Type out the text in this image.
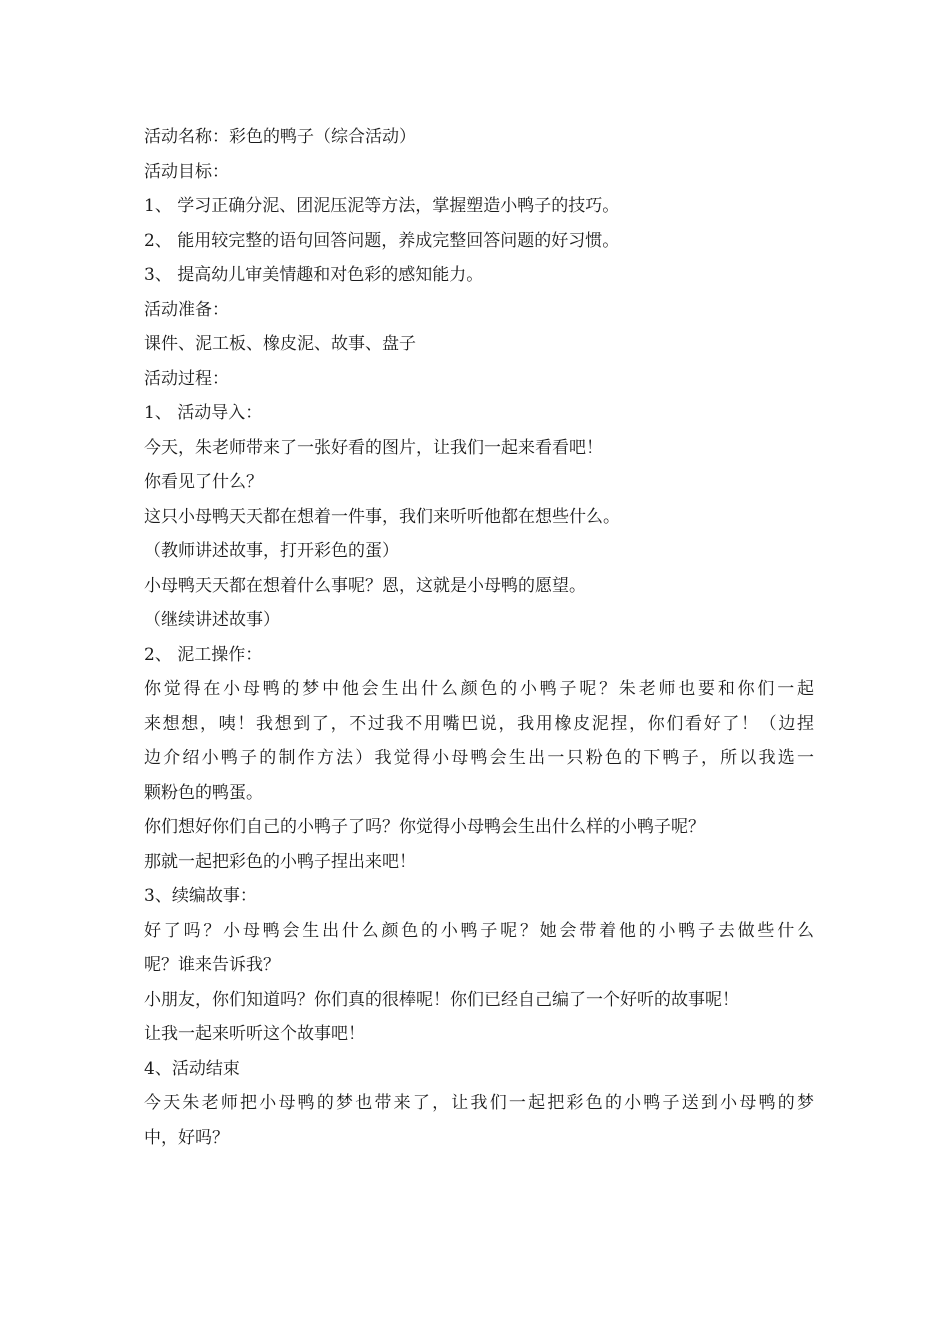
活动名称：彩色的鸭子（综合活动）

活动目标：

1、 学习正确分泥、团泥压泥等方法，掌握塑造小鸭子的技巧。

2、 能用较完整的语句回答问题，养成完整回答问题的好习惯。

3、 提高幼儿审美情趣和对色彩的感知能力。

活动准备：

课件、泥工板、橡皮泥、故事、盘子

活动过程：

1、 活动导入：

今天，朱老师带来了一张好看的图片，让我们一起来看看吧！

你看见了什么？

这只小母鸭天天都在想着一件事，我们来听听他都在想些什么。

（教师讲述故事，打开彩色的蛋）

小母鸭天天都在想着什么事呢？恩，这就是小母鸭的愿望。

（继续讲述故事）

2、 泥工操作：

你觉得在小母鸭的梦中他会生出什么颜色的小鸭子呢？朱老师也要和你们一起

来想想，咦！我想到了，不过我不用嘴巴说，我用橡皮泥捏，你们看好了！（边捏

边介绍小鸭子的制作方法）我觉得小母鸭会生出一只粉色的下鸭子，所以我选一

颗粉色的鸭蛋。

你们想好你们自己的小鸭子了吗？你觉得小母鸭会生出什么样的小鸭子呢？

那就一起把彩色的小鸭子捏出来吧！

3、续编故事：

好了吗？小母鸭会生出什么颜色的小鸭子呢？她会带着他的小鸭子去做些什么

呢？谁来告诉我？

小朋友，你们知道吗？你们真的很棒呢！你们已经自己编了一个好听的故事呢！

让我一起来听听这个故事吧！

4、活动结束

今天朱老师把小母鸭的梦也带来了，让我们一起把彩色的小鸭子送到小母鸭的梦

中，好吗？
